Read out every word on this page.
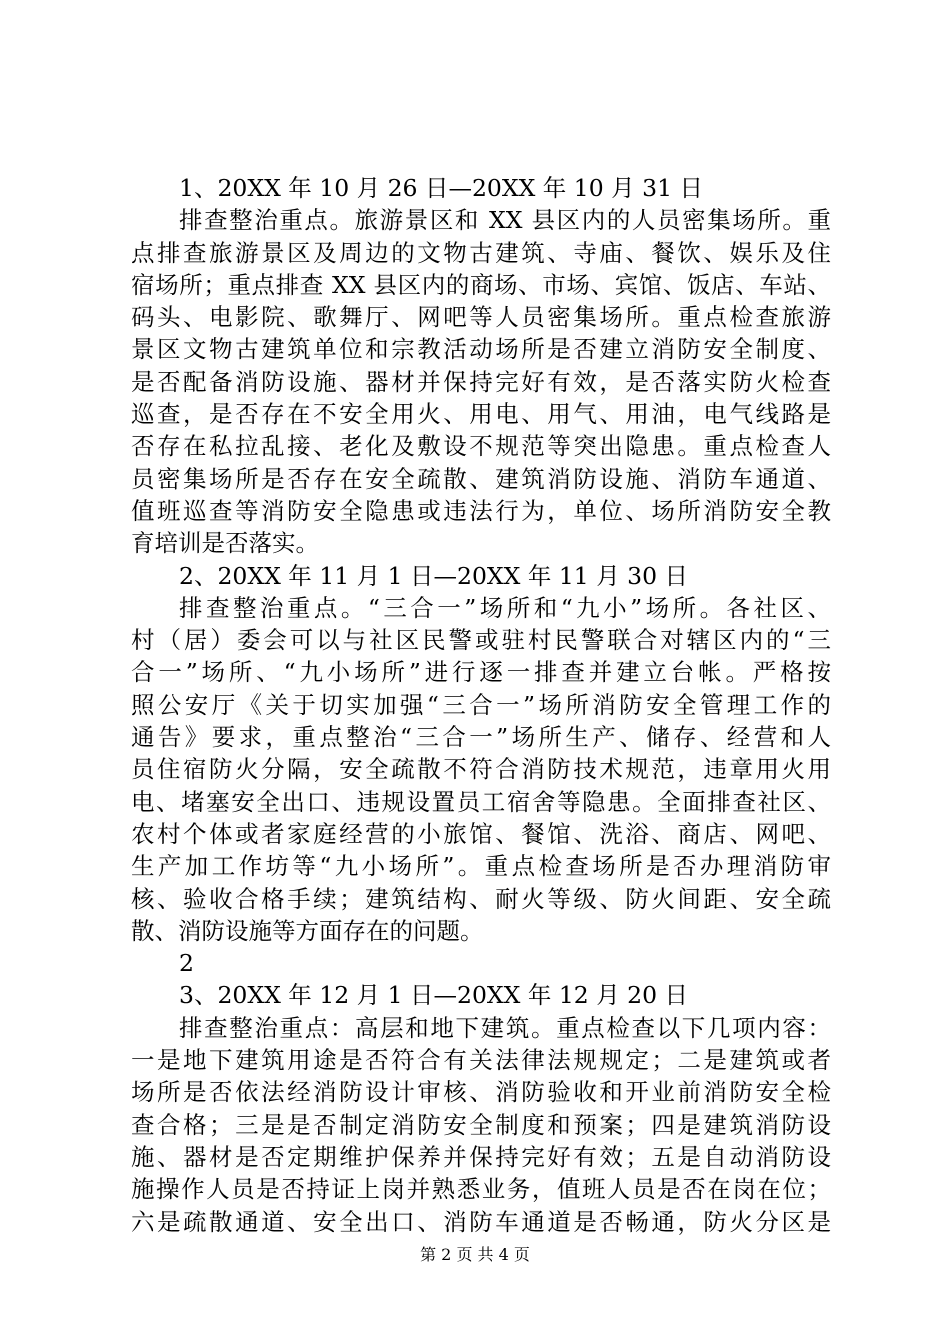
1、20XX 年 10 月 26 日—20XX 年 10 月 31 日
排查整治重点。旅游景区和 XX 县区内的人员密集场所。重
点排查旅游景区及周边的文物古建筑、寺庙、餐饮、娱乐及住
宿场所；重点排查 XX 县区内的商场、市场、宾馆、饭店、车站、
码头、电影院、歌舞厅、网吧等人员密集场所。重点检查旅游
景区文物古建筑单位和宗教活动场所是否建立消防安全制度、
是否配备消防设施、器材并保持完好有效，是否落实防火检查
巡查，是否存在不安全用火、用电、用气、用油，电气线路是
否存在私拉乱接、老化及敷设不规范等突出隐患。重点检查人
员密集场所是否存在安全疏散、建筑消防设施、消防车通道、
值班巡查等消防安全隐患或违法行为，单位、场所消防安全教
育培训是否落实。
2、20XX 年 11 月 1 日—20XX 年 11 月 30 日
排查整治重点。“三合一”场所和“九小”场所。各社区、
村（居）委会可以与社区民警或驻村民警联合对辖区内的“三
合一”场所、“九小场所”进行逐一排查并建立台帐。严格按
照公安厅《关于切实加强“三合一”场所消防安全管理工作的
通告》要求，重点整治“三合一”场所生产、储存、经营和人
员住宿防火分隔，安全疏散不符合消防技术规范，违章用火用
电、堵塞安全出口、违规设置员工宿舍等隐患。全面排查社区、
农村个体或者家庭经营的小旅馆、餐馆、洗浴、商店、网吧、
生产加工作坊等“九小场所”。重点检查场所是否办理消防审
核、验收合格手续；建筑结构、耐火等级、防火间距、安全疏
散、消防设施等方面存在的问题。
2
3、20XX 年 12 月 1 日—20XX 年 12 月 20 日
排查整治重点：高层和地下建筑。重点检查以下几项内容：
一是地下建筑用途是否符合有关法律法规规定；二是建筑或者
场所是否依法经消防设计审核、消防验收和开业前消防安全检
查合格；三是是否制定消防安全制度和预案；四是建筑消防设
施、器材是否定期维护保养并保持完好有效；五是自动消防设
施操作人员是否持证上岗并熟悉业务，值班人员是否在岗在位；
六是疏散通道、安全出口、消防车通道是否畅通，防火分区是
第 2 页 共 4 页
